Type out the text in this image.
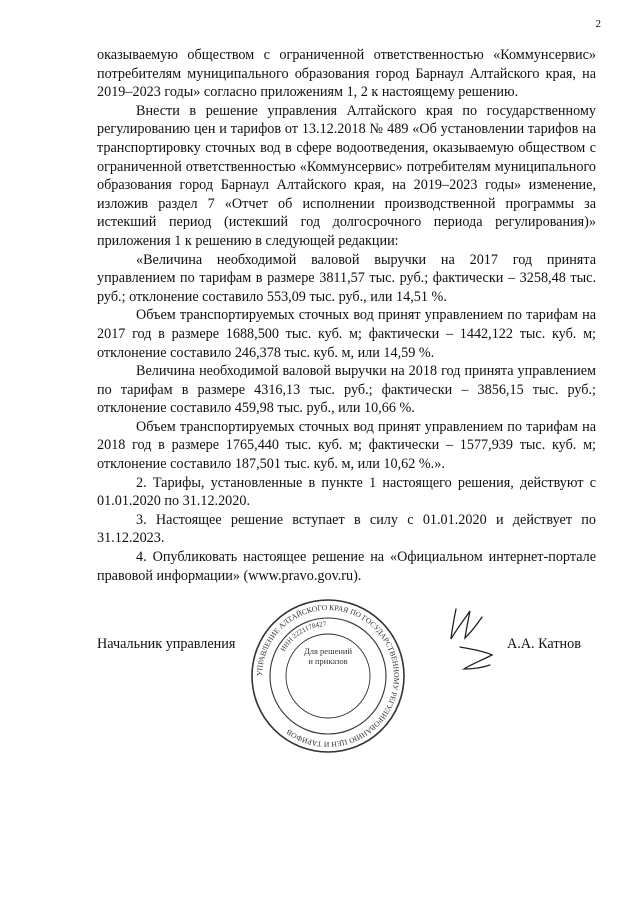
2

оказываемую обществом с ограниченной ответственностью «Коммунсервис» потребителям муниципального образования город Барнаул Алтайского края, на 2019–2023 годы» согласно приложениям 1, 2 к настоящему решению.

Внести в решение управления Алтайского края по государственному регулированию цен и тарифов от 13.12.2018 № 489 «Об установлении тарифов на транспортировку сточных вод в сфере водоотведения, оказываемую обществом с ограниченной ответственностью «Коммунсервис» потребителям муниципального образования город Барнаул Алтайского края, на 2019–2023 годы» изменение, изложив раздел 7 «Отчет об исполнении производственной программы за истекший период (истекший год долгосрочного периода регулирования)» приложения 1 к решению в следующей редакции:

«Величина необходимой валовой выручки на 2017 год принята управлением по тарифам в размере 3811,57 тыс. руб.; фактически – 3258,48 тыс. руб.; отклонение составило 553,09 тыс. руб., или 14,51 %.

Объем транспортируемых сточных вод принят управлением по тарифам на 2017 год в размере 1688,500 тыс. куб. м; фактически – 1442,122 тыс. куб. м; отклонение составило 246,378 тыс. куб. м, или 14,59 %.

Величина необходимой валовой выручки на 2018 год принята управлением по тарифам в размере 4316,13 тыс. руб.; фактически – 3856,15 тыс. руб.; отклонение составило 459,98 тыс. руб., или 10,66 %.

Объем транспортируемых сточных вод принят управлением по тарифам на 2018 год в размере 1765,440 тыс. куб. м; фактически – 1577,939 тыс. куб. м; отклонение составило 187,501 тыс. куб. м, или 10,62 %.».

2. Тарифы, установленные в пункте 1 настоящего решения, действуют с 01.01.2020 по 31.12.2020.

3. Настоящее решение вступает в силу с 01.01.2020 и действует по 31.12.2023.

4. Опубликовать настоящее решение на «Официальном интернет-портале правовой информации» (www.pravo.gov.ru).

Начальник управления
УПРАВЛЕНИЕ АЛТАЙСКОГО КРАЯ ПО ГОСУДАРСТВЕННОМУ РЕГУЛИРОВАНИЮ ЦЕН И ТАРИФОВ
ИНН 2221178427
Для решений
и приказов
А.А. Катнов
